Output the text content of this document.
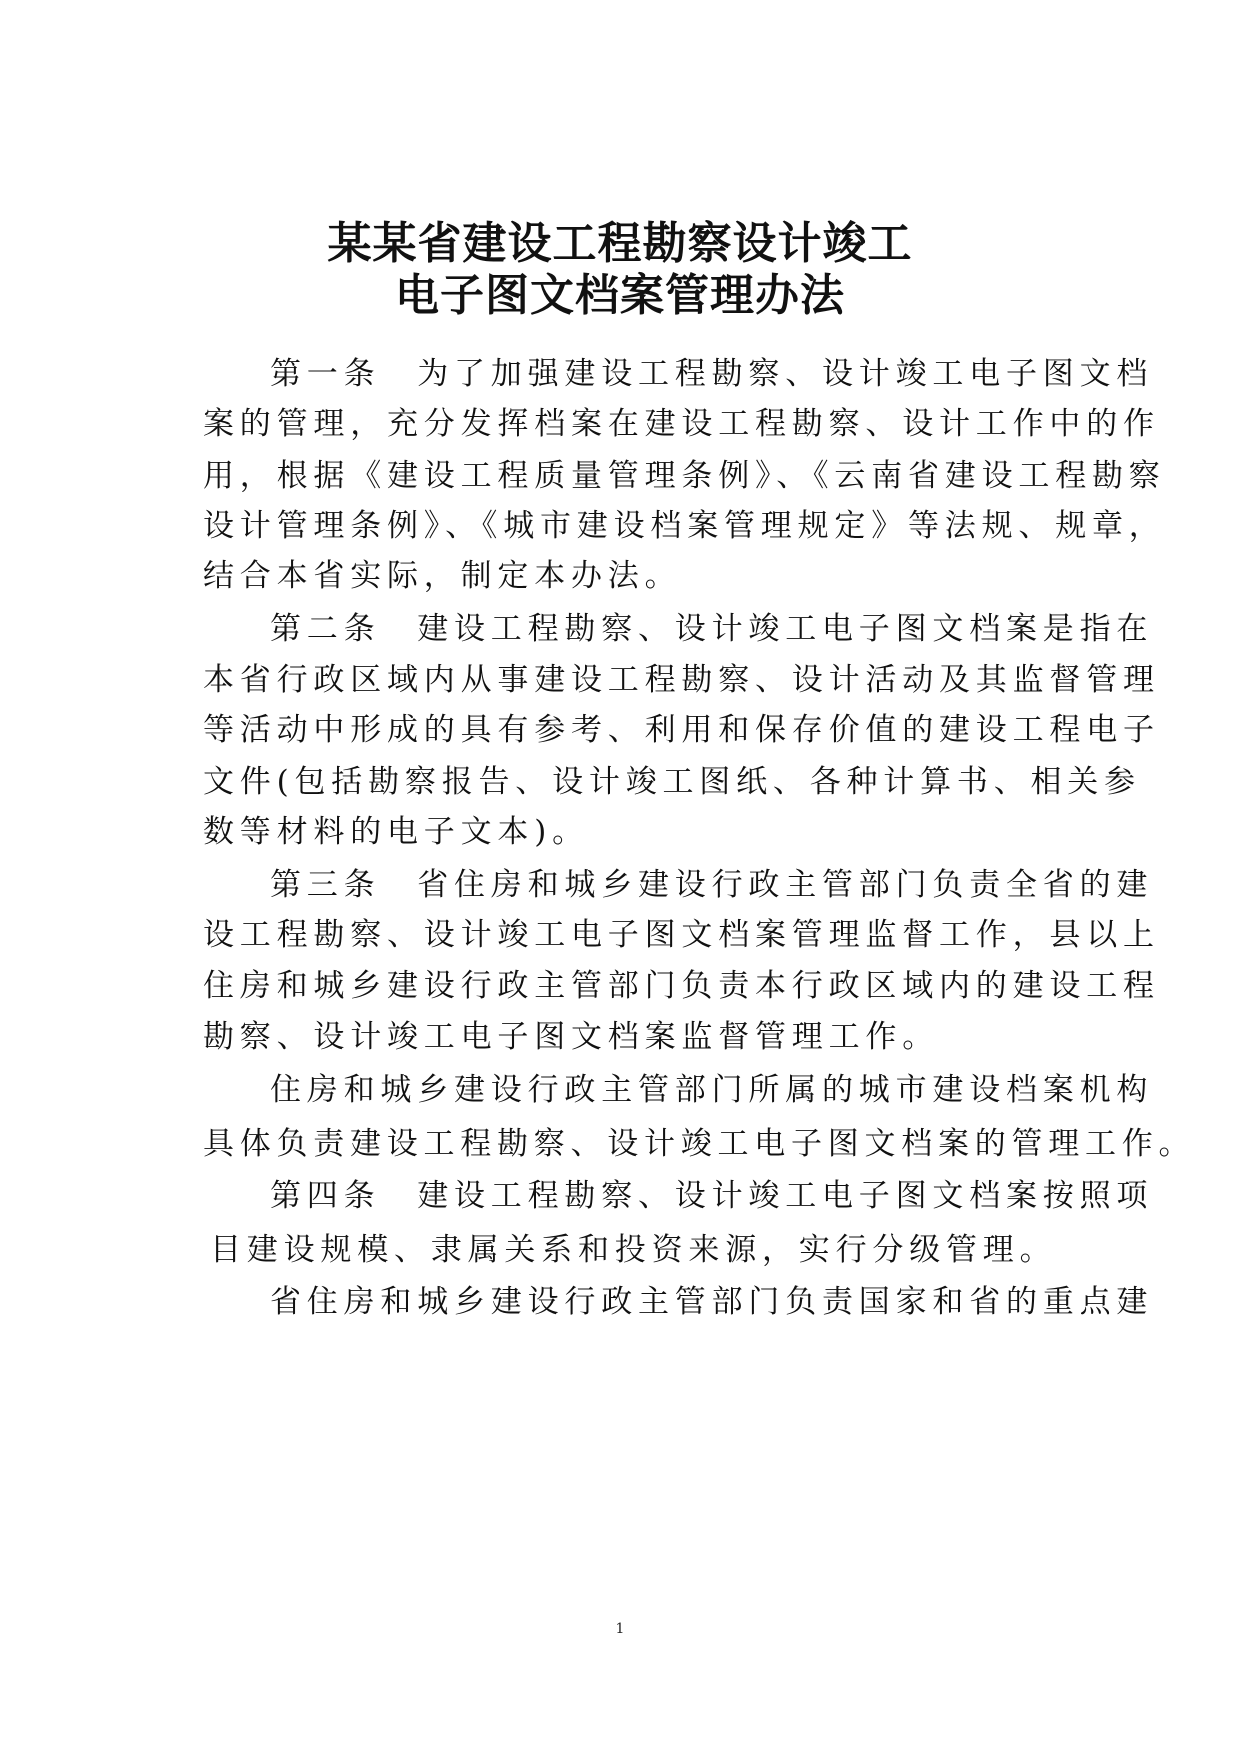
某某省建设工程勘察设计竣工
电子图文档案管理办法
第一条　为了加强建设工程勘察、设计竣工电子图文档
案的管理，充分发挥档案在建设工程勘察、设计工作中的作
用，根据《建设工程质量管理条例》、《云南省建设工程勘察
设计管理条例》、《城市建设档案管理规定》等法规、规章，
结合本省实际，制定本办法。
第二条　建设工程勘察、设计竣工电子图文档案是指在
本省行政区域内从事建设工程勘察、设计活动及其监督管理
等活动中形成的具有参考、利用和保存价值的建设工程电子
文件(包括勘察报告、设计竣工图纸、各种计算书、相关参
数等材料的电子文本)。
第三条　省住房和城乡建设行政主管部门负责全省的建
设工程勘察、设计竣工电子图文档案管理监督工作，县以上
住房和城乡建设行政主管部门负责本行政区域内的建设工程
勘察、设计竣工电子图文档案监督管理工作。
住房和城乡建设行政主管部门所属的城市建设档案机构
具体负责建设工程勘察、设计竣工电子图文档案的管理工作。
第四条　建设工程勘察、设计竣工电子图文档案按照项
目建设规模、隶属关系和投资来源，实行分级管理。
省住房和城乡建设行政主管部门负责国家和省的重点建
1
